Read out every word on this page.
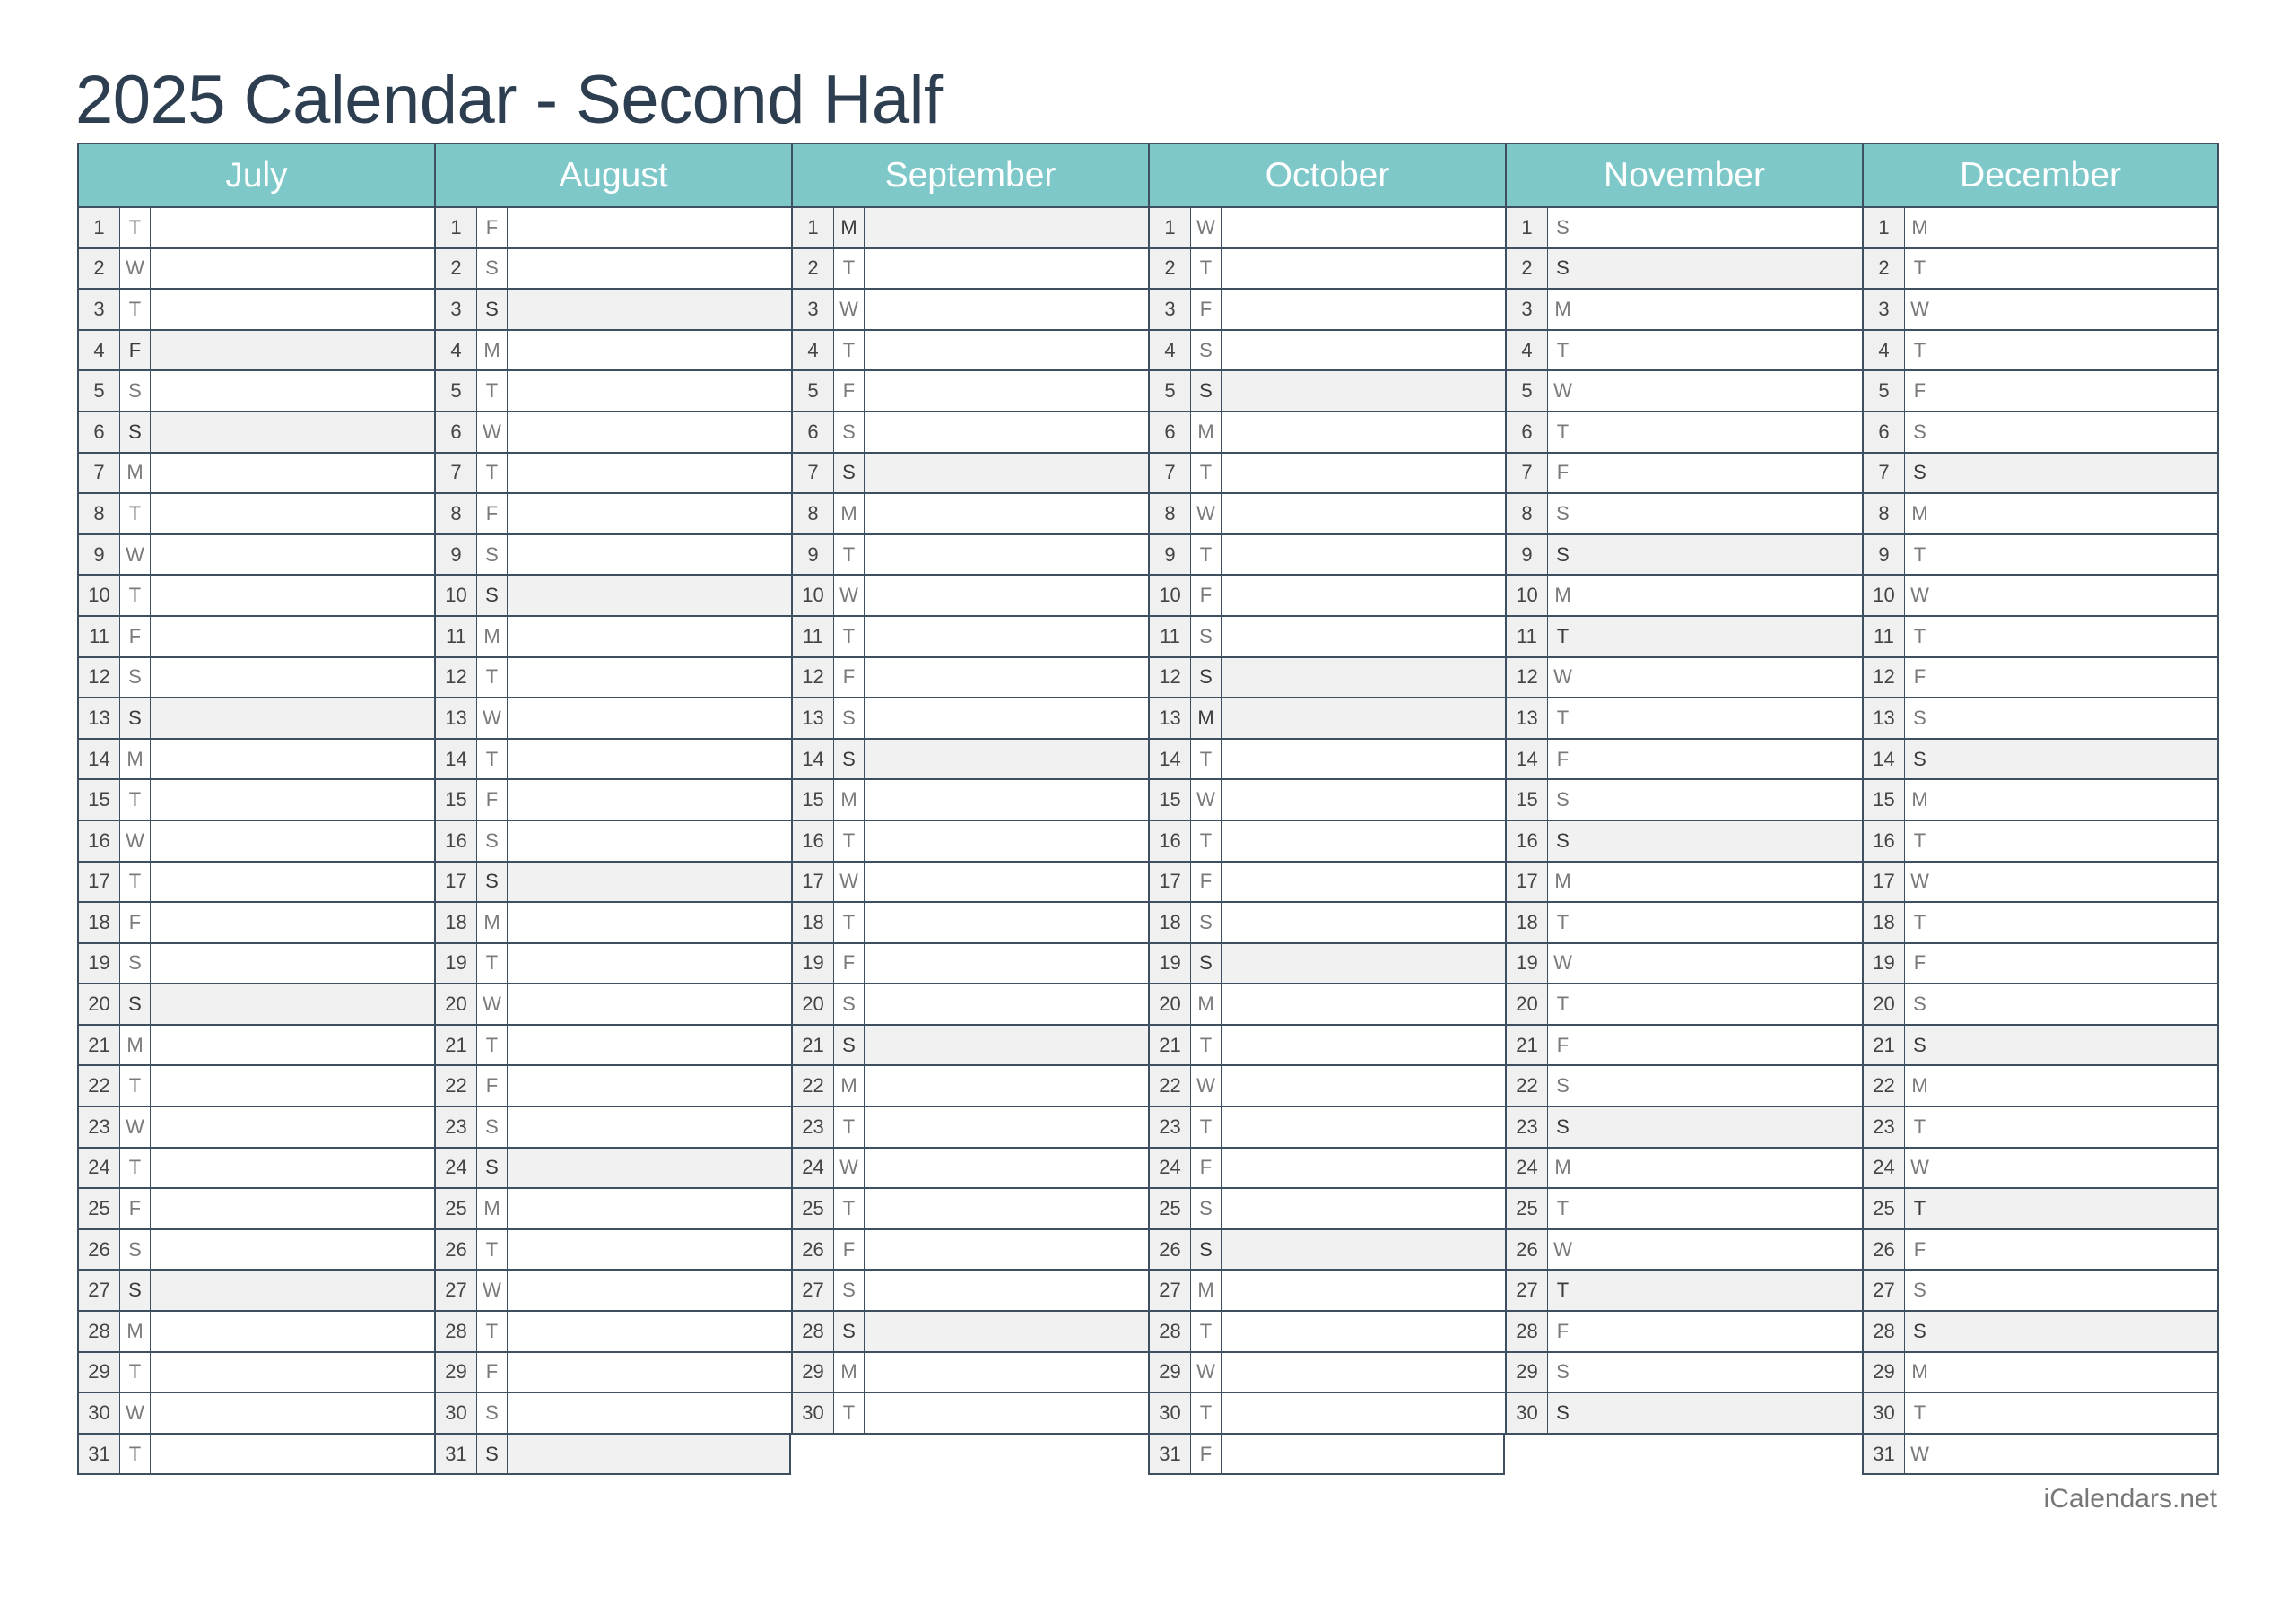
2025 Calendar - Second Half
July
1	T
2	W
3	T
4	F
5	S
6	S
7	M
8	T
9	W
10 T
11 F
12 S
13 S
14 M
15 T
16 W
17 T
18 F
19 S
20 S
21 M
22 T
23 W
24 T
25 F
26 S
27 S
28 M
29 T
30 W
31 T
August
1	F
2	S
3	S
4	M
5	T
6	W
7	T
8	F
9	S
10 S
11 M
12 T
13 W
14 T
15 F
16 S
17 S
18 M
19 T
20 W
21 T
22 F
23 S
24 S
25 M
26 T
27 W
28 T
29 F
30 S
31 S
September
1	M
2	T
3	W
4	T
5	F
6	S
7	S
8	M
9	T
10 W
11 T
12 F
13 S
14 S
15 M
16 T
17 W
18 T
19 F
20 S
21 S
22 M
23 T
24 W
25 T
26 F
27 S
28 S
29 M
30 T
October
1	W
2	T
3	F
4	S
5	S
6	M
7	T
8	W
9	T
10 F
11 S
12 S
13 M
14 T
15 W
16 T
17 F
18 S
19 S
20 M
21 T
22 W
23 T
24 F
25 S
26 S
27 M
28 T
29 W
30 T
31 F
November
1	S
2	S
3	M
4	T
5	W
6	T
7	F
8	S
9	S
10 M
11 T
12 W
13 T
14 F
15 S
16 S
17 M
18 T
19 W
20 T
21 F
22 S
23 S
24 M
25 T
26 W
27 T
28 F
29 S
30 S
December
1	M
2	T
3	W
4	T
5	F
6	S
7	S
8	M
9	T
10 W
11 T
12 F
13 S
14 S
15 M
16 T
17 W
18 T
19 F
20 S
21 S
22 M
23 T
24 W
25 T
26 F
27 S
28 S
29 M
30 T
31 W
iCalendars.net
